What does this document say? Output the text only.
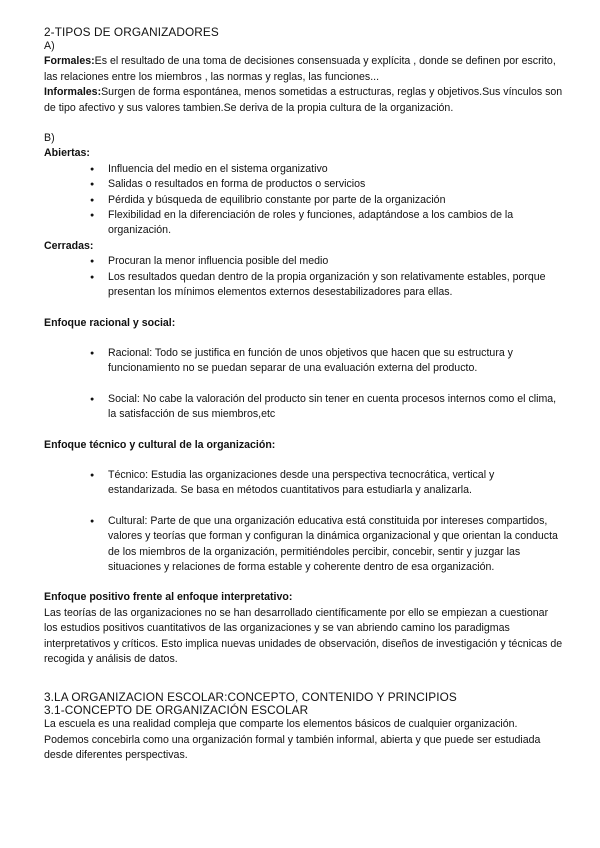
2-TIPOS DE ORGANIZADORES
A)

Formales:Es el resultado de una toma de decisiones consensuada y explícita , donde se definen por escrito, las relaciones entre los miembros , las normas y reglas, las funciones...

Informales:Surgen de forma espontánea, menos sometidas a estructuras, reglas y objetivos.Sus vínculos son de tipo afectivo y sus valores tambien.Se deriva de la propia cultura de la organización.

B)
Abiertas:
● Influencia del medio en el sistema organizativo
● Salidas o resultados en forma de productos o servicios
● Pérdida y búsqueda de equilibrio constante por parte de la organización
● Flexibilidad en la diferenciación de roles y funciones, adaptándose a los cambios de la organización.
Cerradas:
● Procuran la menor influencia posible del medio
● Los resultados quedan dentro de la propia organización y son relativamente estables, porque presentan los mínimos elementos externos desestabilizadores para ellas.
Enfoque racional y social:
● Racional: Todo se justifica en función de unos objetivos que hacen que su estructura y funcionamiento no se puedan separar de una evaluación externa del producto.
● Social: No cabe la valoración del producto sin tener en cuenta procesos internos como el clima, la satisfacción de sus miembros,etc
Enfoque técnico y cultural de la organización:
● Técnico: Estudia las organizaciones desde una perspectiva tecnocrática, vertical y estandarizada. Se basa en métodos cuantitativos para estudiarla y analizarla.
● Cultural: Parte de que una organización educativa está constituida por intereses compartidos, valores y teorías que forman y configuran la dinámica organizacional y que orientan la conducta de los miembros de la organización, permitiéndoles percibir, concebir, sentir y juzgar las situaciones y relaciones de forma estable y coherente dentro de esa organización.
Enfoque positivo frente al enfoque interpretativo:

Las teorías de las organizaciones no se han desarrollado científicamente por ello se empiezan a cuestionar los estudios positivos cuantitativos de las organizaciones y se van abriendo camino los paradigmas interpretativos y críticos. Esto implica nuevas unidades de observación, diseños de investigación y técnicas de recogida y análisis de datos.

3.LA ORGANIZACION ESCOLAR:CONCEPTO, CONTENIDO Y PRINCIPIOS
3.1-CONCEPTO DE ORGANIZACIÓN ESCOLAR

La escuela es una realidad compleja que comparte los elementos básicos de cualquier organización. Podemos concebirla como una organización formal y también informal, abierta y que puede ser estudiada desde diferentes perspectivas.
